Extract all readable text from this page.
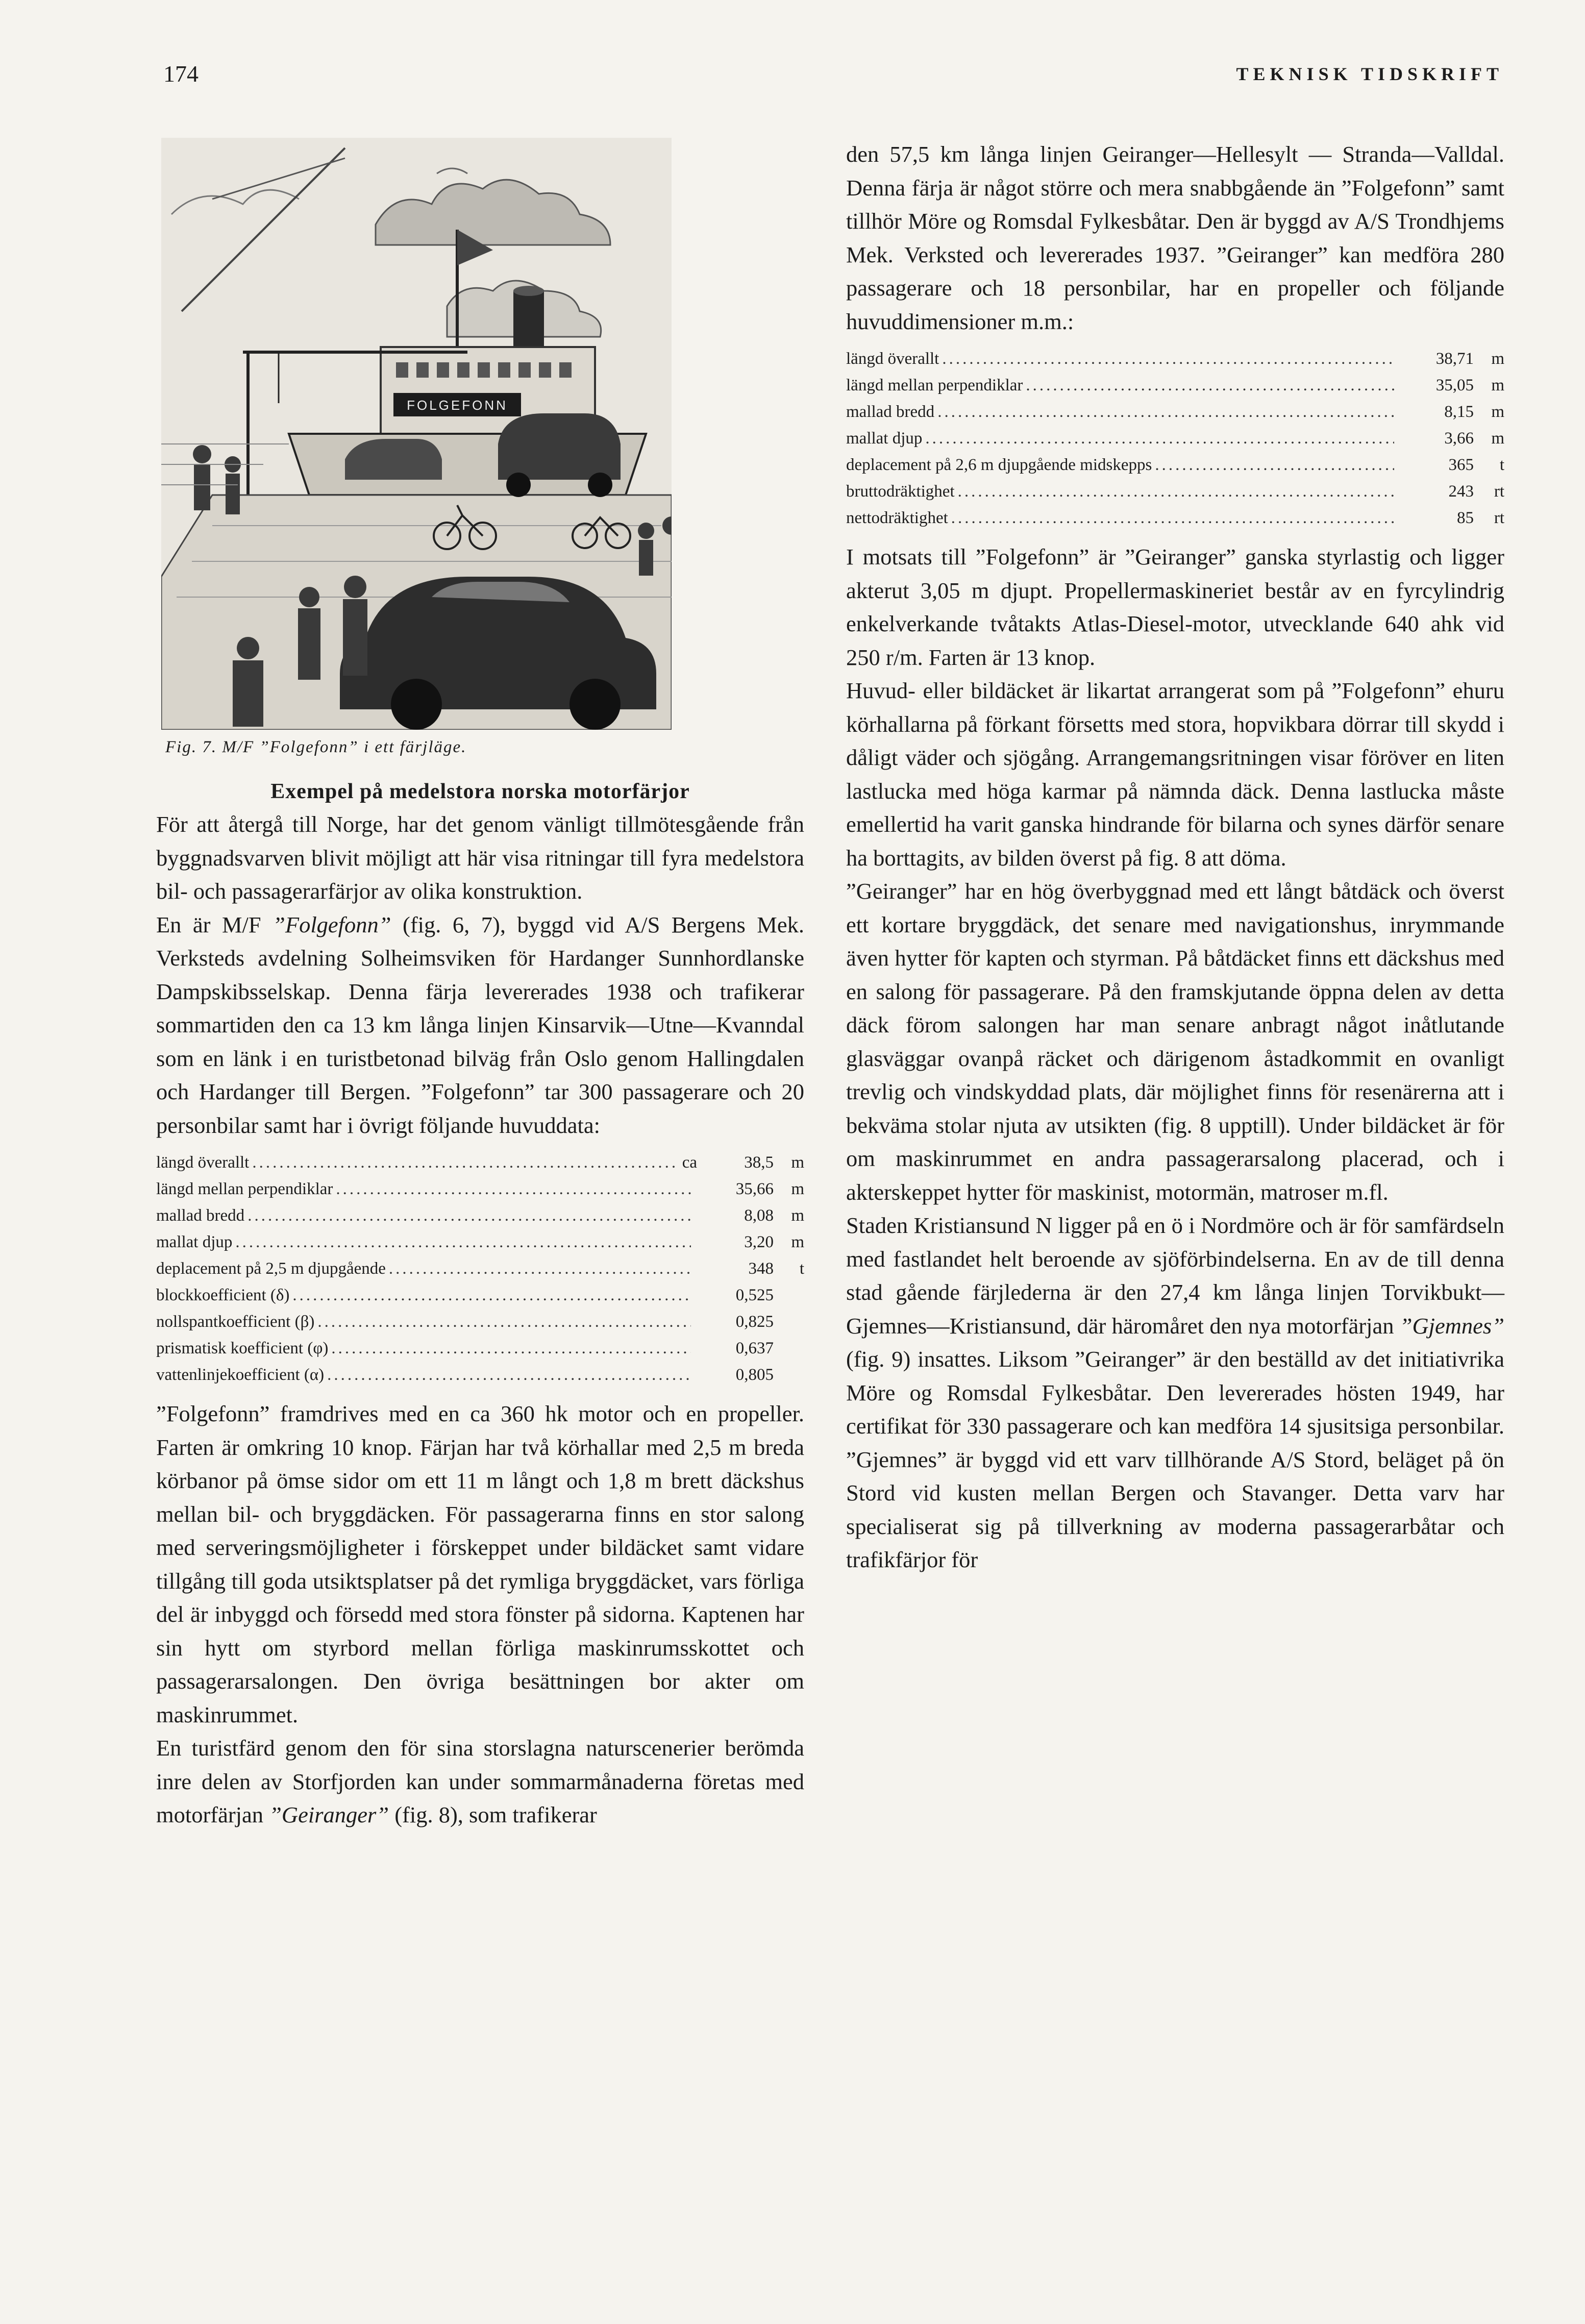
174	TEKNISK TIDSKRIFT
FOLGEFONN
Fig. 7. M/F ”Folgefonn” i ett färjläge.
Exempel på medelstora norska motorfärjor

För att återgå till Norge, har det genom vänligt tillmötesgående från byggnadsvarven blivit möjligt att här visa ritningar till fyra medelstora bil- och passagerarfärjor av olika konstruktion.

En är M/F ”Folgefonn” (fig. 6, 7), byggd vid A/S Bergens Mek. Verksteds avdelning Solheimsviken för Hardanger Sunnhordlanske Dampskibsselskap. Denna färja levererades 1938 och trafikerar sommartiden den ca 13 km långa linjen Kinsarvik—Utne—Kvanndal som en länk i en turistbetonad bilväg från Oslo genom Hallingdalen och Hardanger till Bergen. ”Folgefonn” tar 300 passagerare och 20 personbilar samt har i övrigt följande huvuddata:

längd överallt .....	ca	38,5	m
längd mellan perpendiklar .....	35,66	m
mallad bredd .....	8,08	m
mallat djup .....	3,20	m
deplacement på 2,5 m djupgående .....	348	t
blockkoefficient (δ) .....	0,525
nollspantkoefficient (β) .....	0,825
prismatisk koefficient (φ) .....	0,637
vattenlinjekoefficient (α) .....	0,805

”Folgefonn” framdrives med en ca 360 hk motor och en propeller. Farten är omkring 10 knop. Färjan har två körhallar med 2,5 m breda körbanor på ömse sidor om ett 11 m långt och 1,8 m brett däckshus mellan bil- och bryggdäcken. För passagerarna finns en stor salong med serveringsmöjligheter i förskeppet under bildäcket samt vidare tillgång till goda utsiktsplatser på det rymliga bryggdäcket, vars förliga del är inbyggd och försedd med stora fönster på sidorna. Kaptenen har sin hytt om styrbord mellan förliga maskinrumsskottet och passagerarsalongen. Den övriga besättningen bor akter om maskinrummet.

En turistfärd genom den för sina storslagna naturscenerier berömda inre delen av Storfjorden kan under sommarmånaderna företas med motorfärjan ”Geiranger” (fig. 8), som trafikerar

den 57,5 km långa linjen Geiranger—Hellesylt — Stranda—Valldal. Denna färja är något större och mera snabbgående än ”Folgefonn” samt tillhör Möre og Romsdal Fylkesbåtar. Den är byggd av A/S Trondhjems Mek. Verksted och levererades 1937. ”Geiranger” kan medföra 280 passagerare och 18 personbilar, har en propeller och följande huvuddimensioner m.m.:

längd överallt .....	38,71	m
längd mellan perpendiklar .....	35,05	m
mallad bredd .....	8,15	m
mallat djup .....	3,66	m
deplacement på 2,6 m djupgående midskepps .....	365	t
bruttodräktighet .....	243	rt
nettodräktighet .....	85	rt

I motsats till ”Folgefonn” är ”Geiranger” ganska styrlastig och ligger akterut 3,05 m djupt. Propellermaskineriet består av en fyrcylindrig enkelverkande tvåtakts Atlas-Diesel-motor, utvecklande 640 ahk vid 250 r/m. Farten är 13 knop.

Huvud- eller bildäcket är likartat arrangerat som på ”Folgefonn” ehuru körhallarna på förkant försetts med stora, hopvikbara dörrar till skydd i dåligt väder och sjögång. Arrangemangsritningen visar föröver en liten lastlucka med höga karmar på nämnda däck. Denna lastlucka måste emellertid ha varit ganska hindrande för bilarna och synes därför senare ha borttagits, av bilden överst på fig. 8 att döma.

”Geiranger” har en hög överbyggnad med ett långt båtdäck och överst ett kortare bryggdäck, det senare med navigationshus, inrymmande även hytter för kapten och styrman. På båtdäcket finns ett däckshus med en salong för passagerare. På den framskjutande öppna delen av detta däck förom salongen har man senare anbragt något inåtlutande glasväggar ovanpå räcket och därigenom åstadkommit en ovanligt trevlig och vindskyddad plats, där möjlighet finns för resenärerna att i bekväma stolar njuta av utsikten (fig. 8 upptill). Under bildäcket är för om maskinrummet en andra passagerarsalong placerad, och i akterskeppet hytter för maskinist, motormän, matroser m.fl.

Staden Kristiansund N ligger på en ö i Nordmöre och är för samfärdseln med fastlandet helt beroende av sjöförbindelserna. En av de till denna stad gående färjlederna är den 27,4 km långa linjen Torvikbukt—Gjemnes—Kristiansund, där häromåret den nya motorfärjan ”Gjemnes” (fig. 9) insattes. Liksom ”Geiranger” är den beställd av det initiativrika Möre og Romsdal Fylkesbåtar. Den levererades hösten 1949, har certifikat för 330 passagerare och kan medföra 14 sjusitsiga personbilar. ”Gjemnes” är byggd vid ett varv tillhörande A/S Stord, beläget på ön Stord vid kusten mellan Bergen och Stavanger. Detta varv har specialiserat sig på tillverkning av moderna passagerarbåtar och trafikfärjor för
